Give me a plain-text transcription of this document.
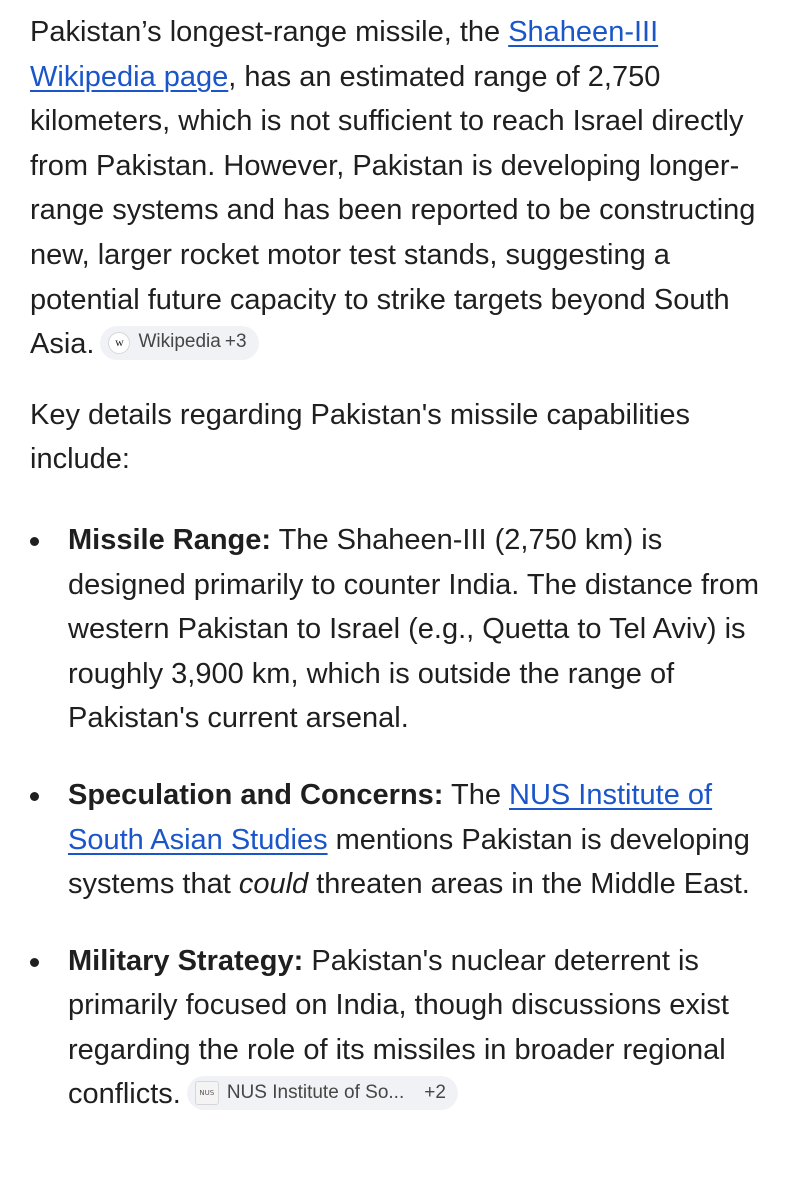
Pakistan’s longest-range missile, the Shaheen-III Wikipedia page, has an estimated range of 2,750 kilometers, which is not sufficient to reach Israel directly from Pakistan. However, Pakistan is developing longer-range systems and has been reported to be constructing new, larger rocket motor test stands, suggesting a potential future capacity to strike targets beyond South Asia.	w Wikipedia +3

Key details regarding Pakistan's missile capabilities include:

Missile Range: The Shaheen-III (2,750 km) is designed primarily to counter India. The distance from western Pakistan to Israel (e.g., Quetta to Tel Aviv) is roughly 3,900 km, which is outside the range of Pakistan's current arsenal.
Speculation and Concerns: The NUS Institute of South Asian Studies mentions Pakistan is developing systems that could threaten areas in the Middle East.
Military Strategy: Pakistan's nuclear deterrent is primarily focused on India, though discussions exist regarding the role of its missiles in broader regional conflicts.	NUS NUS Institute of So... +2
